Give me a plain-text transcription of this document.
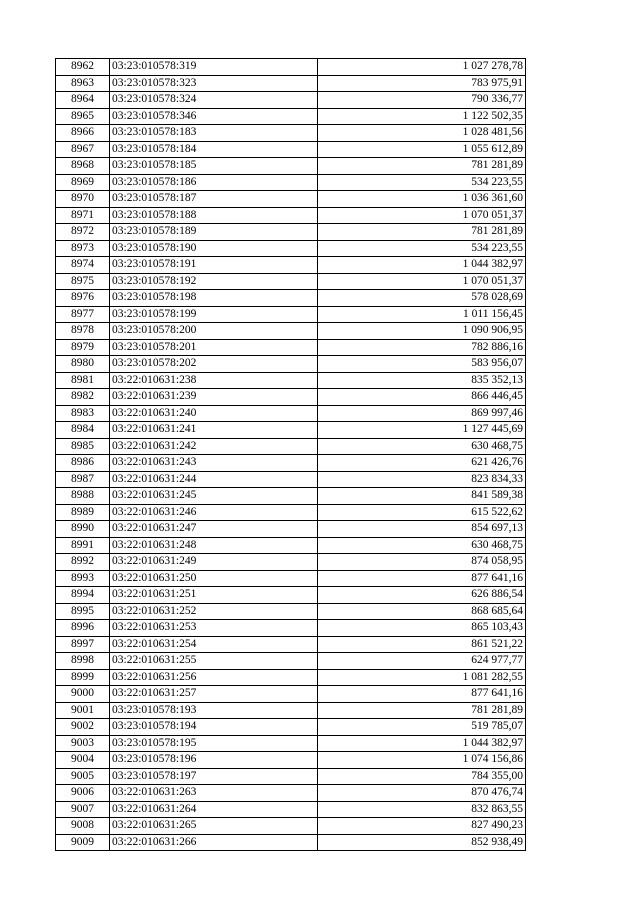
8962	03:23:010578:319	1 027 278,78
8963	03:23:010578:323	783 975,91
8964	03:23:010578:324	790 336,77
8965	03:23:010578:346	1 122 502,35
8966	03:23:010578:183	1 028 481,56
8967	03:23:010578:184	1 055 612,89
8968	03:23:010578:185	781 281,89
8969	03:23:010578:186	534 223,55
8970	03:23:010578:187	1 036 361,60
8971	03:23:010578:188	1 070 051,37
8972	03:23:010578:189	781 281,89
8973	03:23:010578:190	534 223,55
8974	03:23:010578:191	1 044 382,97
8975	03:23:010578:192	1 070 051,37
8976	03:23:010578:198	578 028,69
8977	03:23:010578:199	1 011 156,45
8978	03:23:010578:200	1 090 906,95
8979	03:23:010578:201	782 886,16
8980	03:23:010578:202	583 956,07
8981	03:22:010631:238	835 352,13
8982	03:22:010631:239	866 446,45
8983	03:22:010631:240	869 997,46
8984	03:22:010631:241	1 127 445,69
8985	03:22:010631:242	630 468,75
8986	03:22:010631:243	621 426,76
8987	03:22:010631:244	823 834,33
8988	03:22:010631:245	841 589,38
8989	03:22:010631:246	615 522,62
8990	03:22:010631:247	854 697,13
8991	03:22:010631:248	630 468,75
8992	03:22:010631:249	874 058,95
8993	03:22:010631:250	877 641,16
8994	03:22:010631:251	626 886,54
8995	03:22:010631:252	868 685,64
8996	03:22:010631:253	865 103,43
8997	03:22:010631:254	861 521,22
8998	03:22:010631:255	624 977,77
8999	03:22:010631:256	1 081 282,55
9000	03:22:010631:257	877 641,16
9001	03:23:010578:193	781 281,89
9002	03:23:010578:194	519 785,07
9003	03:23:010578:195	1 044 382,97
9004	03:23:010578:196	1 074 156,86
9005	03:23:010578:197	784 355,00
9006	03:22:010631:263	870 476,74
9007	03:22:010631:264	832 863,55
9008	03:22:010631:265	827 490,23
9009	03:22:010631:266	852 938,49
